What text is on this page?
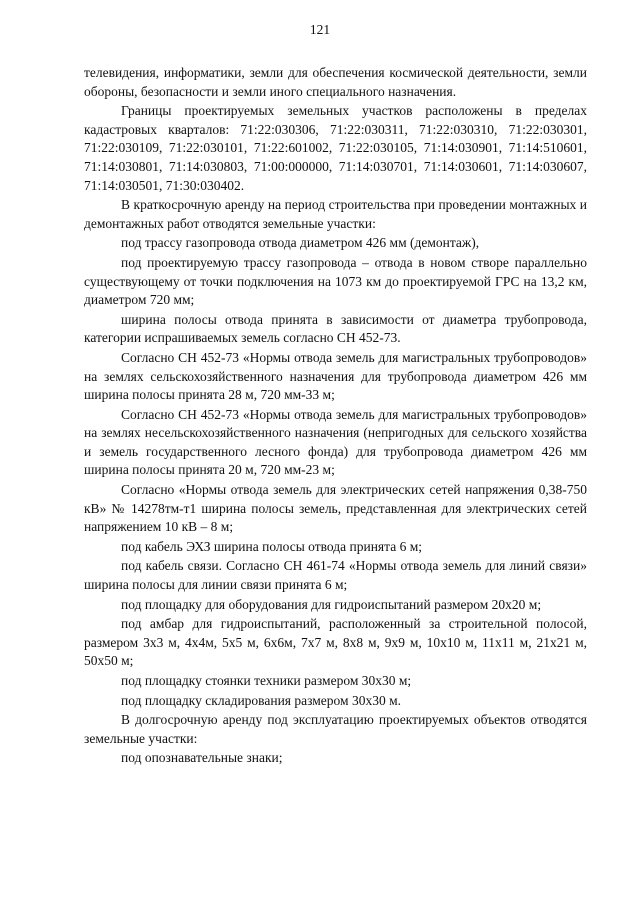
121

телевидения, информатики, земли для обеспечения космической деятельности, земли обороны, безопасности и земли иного специального назначения.

Границы проектируемых земельных участков расположены в пределах кадастровых кварталов: 71:22:030306, 71:22:030311, 71:22:030310, 71:22:030301, 71:22:030109, 71:22:030101, 71:22:601002, 71:22:030105, 71:14:030901, 71:14:510601, 71:14:030801, 71:14:030803, 71:00:000000, 71:14:030701, 71:14:030601, 71:14:030607, 71:14:030501, 71:30:030402.

В краткосрочную аренду на период строительства при проведении монтажных и демонтажных работ отводятся земельные участки:

под трассу газопровода отвода диаметром 426 мм (демонтаж),

под проектируемую трассу газопровода – отвода в новом створе параллельно существующему от точки подключения на 1073 км до проектируемой ГРС на 13,2 км, диаметром 720 мм;

ширина полосы отвода принята в зависимости от диаметра трубопровода, категории испрашиваемых земель согласно СН 452-73.

Согласно СН 452-73 «Нормы отвода земель для магистральных трубопроводов» на землях сельскохозяйственного назначения для трубопровода диаметром 426 мм ширина полосы принята 28 м, 720 мм-33 м;

Согласно СН 452-73 «Нормы отвода земель для магистральных трубопроводов» на землях несельскохозяйственного назначения (непригодных для сельского хозяйства и земель государственного лесного фонда) для трубопровода диаметром 426 мм ширина полосы принята 20 м, 720 мм-23 м;

Согласно «Нормы отвода земель для электрических сетей напряжения 0,38-750 кВ» № 14278тм-т1 ширина полосы земель, представленная для электрических сетей напряжением 10 кВ – 8 м;

под кабель ЭХЗ ширина полосы отвода принята 6 м;

под кабель связи. Согласно СН 461-74 «Нормы отвода земель для линий связи» ширина полосы для линии связи принята 6 м;

под площадку для оборудования для гидроиспытаний размером 20х20 м;

под амбар для гидроиспытаний, расположенный за строительной полосой, размером 3х3 м, 4х4м, 5х5 м, 6х6м, 7х7 м, 8х8 м, 9х9 м, 10х10 м, 11х11 м, 21х21 м, 50х50 м;

под площадку стоянки техники размером 30х30 м;

под площадку складирования размером 30х30 м.

В долгосрочную аренду под эксплуатацию проектируемых объектов отводятся земельные участки:

под опознавательные знаки;
